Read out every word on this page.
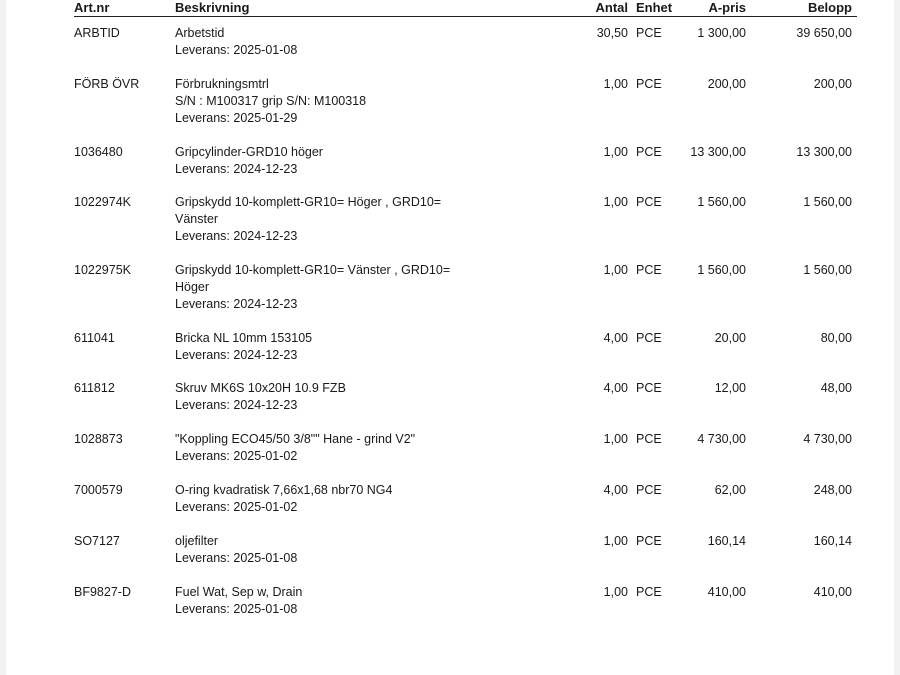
Art.nr	Beskrivning	Antal Enhet	A-pris	Belopp
ARBTID	Arbetstid
Leverans: 2025-01-08
30,50 PCE	1 300,00	39 650,00
FÖRB ÖVR	Förbrukningsmtrl
S/N : M100317 grip S/N: M100318
Leverans: 2025-01-29
1,00 PCE	200,00	200,00
1036480	Gripcylinder-GRD10 höger
Leverans: 2024-12-23
1,00 PCE 13 300,00	13 300,00
1022974K	Gripskydd 10-komplett-GR10= Höger , GRD10=
Vänster
Leverans: 2024-12-23
1,00 PCE	1 560,00	1 560,00
1022975K	Gripskydd 10-komplett-GR10= Vänster , GRD10=
Höger
Leverans: 2024-12-23
1,00 PCE	1 560,00	1 560,00
611041	Bricka NL 10mm 153105
Leverans: 2024-12-23
4,00 PCE	20,00	80,00
611812	Skruv MK6S 10x20H 10.9 FZB
Leverans: 2024-12-23
4,00 PCE	12,00	48,00
1028873	"Koppling ECO45/50 3/8"" Hane - grind V2"
Leverans: 2025-01-02
1,00 PCE	4 730,00	4 730,00
7000579	O-ring kvadratisk 7,66x1,68 nbr70 NG4
Leverans: 2025-01-02
4,00 PCE	62,00	248,00
SO7127	oljefilter
Leverans: 2025-01-08
1,00 PCE	160,14	160,14
BF9827-D	Fuel Wat, Sep w, Drain
Leverans: 2025-01-08
1,00 PCE	410,00	410,00
